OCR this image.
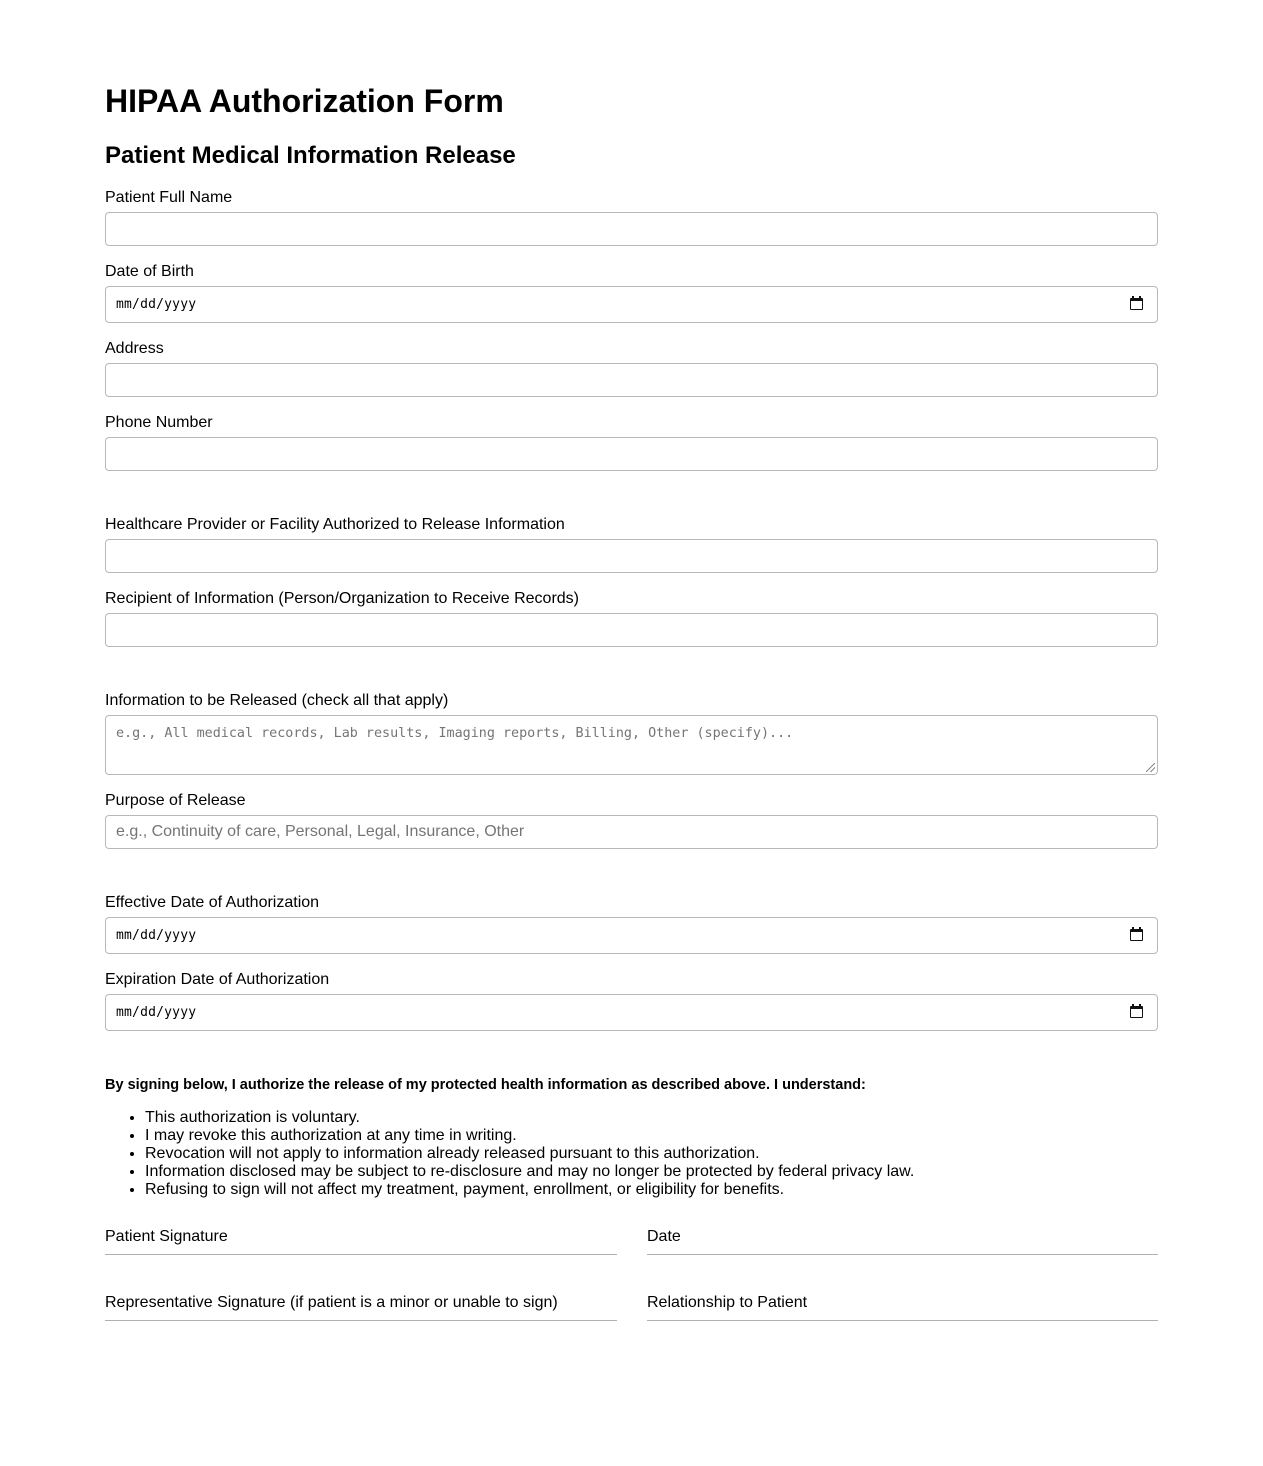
HIPAA Authorization Form
Patient Medical Information Release
Patient Full Name
Date of Birth
mm/dd/yyyy
Address
Phone Number
Healthcare Provider or Facility Authorized to Release Information
Recipient of Information (Person/Organization to Receive Records)
Information to be Released (check all that apply)
e.g., All medical records, Lab results, Imaging reports, Billing, Other (specify)...
Purpose of Release
e.g., Continuity of care, Personal, Legal, Insurance, Other
Effective Date of Authorization
mm/dd/yyyy
Expiration Date of Authorization
mm/dd/yyyy

By signing below, I authorize the release of my protected health information as described above. I understand:

• This authorization is voluntary.
• I may revoke this authorization at any time in writing.
• Revocation will not apply to information already released pursuant to this authorization.
• Information disclosed may be subject to re-disclosure and may no longer be protected by federal privacy law.
• Refusing to sign will not affect my treatment, payment, enrollment, or eligibility for benefits.
Patient Signature	Date
Representative Signature (if patient is a minor or unable to sign)	Relationship to Patient
